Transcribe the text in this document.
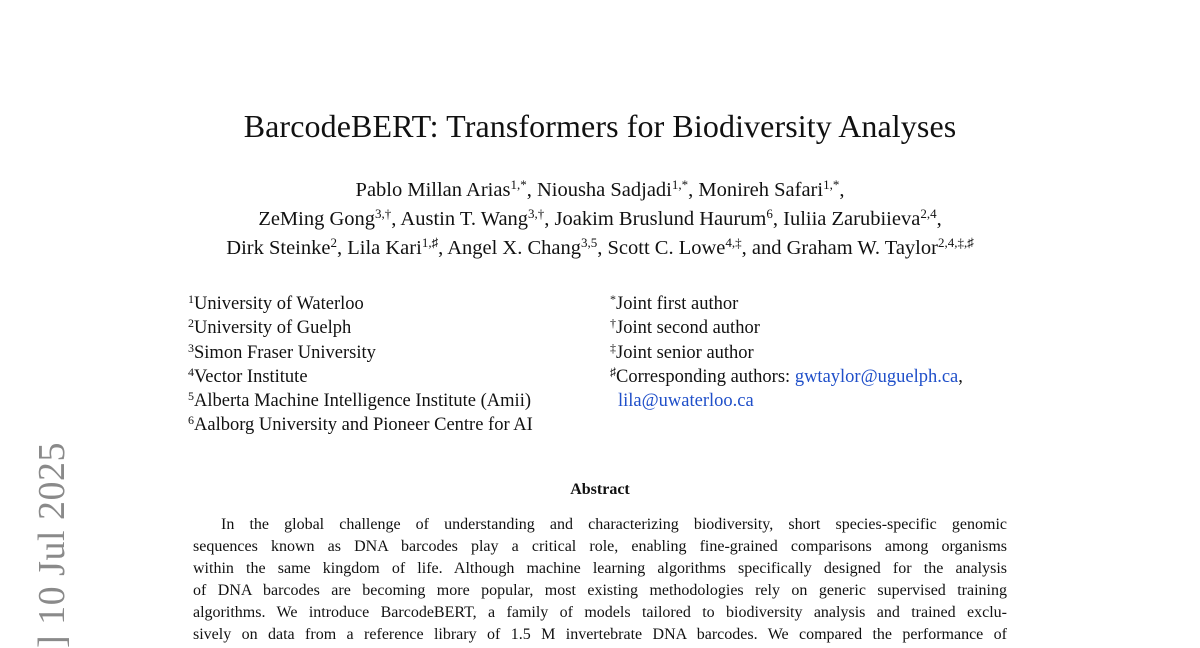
BarcodeBERT: Transformers for Biodiversity Analyses
Pablo Millan Arias$^{1,*}$, Niousha Sadjadi$^{1,*}$, Monireh Safari$^{1,*}$,
ZeMing Gong$^{3,\dagger}$, Austin T. Wang$^{3,\dagger}$, Joakim Bruslund Haurum$^6$, Iuliia Zarubiieva$^{2,4}$,
Dirk Steinke$^2$, Lila Kari$^{1,♯}$, Angel X. Chang$^{3,5}$, Scott C. Lowe$^{4,\ddagger}$, and Graham W. Taylor$^{2,4,\ddagger,♯}$
$^1$University of Waterloo
$^2$University of Guelph
$^3$Simon Fraser University
$^4$Vector Institute
$^5$Alberta Machine Intelligence Institute (Amii)
$^6$Aalborg University and Pioneer Centre for AI
*Joint first author
†Joint second author
‡Joint senior author
♯Corresponding authors: gwtaylor@uguelph.ca,
lila@uwaterloo.ca
Abstract
In the global challenge of understanding and characterizing biodiversity, short species-specific genomic
sequences known as DNA barcodes play a critical role, enabling fine-grained comparisons among organisms
within the same kingdom of life. Although machine learning algorithms specifically designed for the analysis
of DNA barcodes are becoming more popular, most existing methodologies rely on generic supervised training
algorithms. We introduce BarcodeBERT, a family of models tailored to biodiversity analysis and trained exclu-
sively on data from a reference library of 1.5 M invertebrate DNA barcodes. We compared the performance of
] 10 Jul 2025
